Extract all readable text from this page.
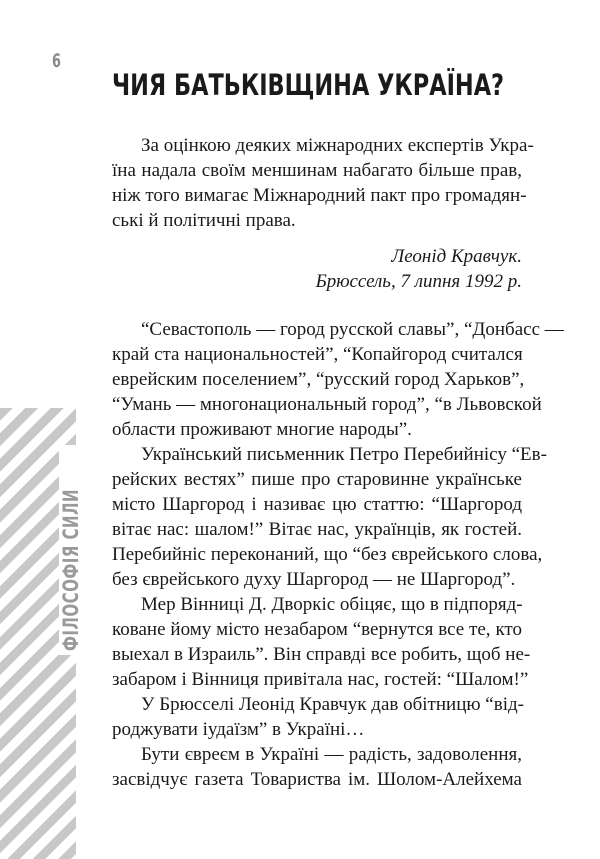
6
ФІЛОСОФІЯ СИЛИ
ЧИЯ БАТЬКІВЩИНА УКРАЇНА?
За оцінкою деяких міжнародних експертів Укра-
їна надала своїм меншинам набагато більше прав,
ніж того вимагає Міжнародний пакт про громадян-
ські й політичні права.
Леонід Кравчук.
Брюссель, 7 липня 1992 р.
“Севастополь — город русской славы”, “Донбасс —
край ста национальностей”, “Копайгород считался
еврейским поселением”, “русский город Харьков”,
“Умань — многонациональный город”, “в Львовской
области проживают многие народы”.
Український письменник Петро Перебийнісу “Ев-
рейских вестях” пише про старовинне українське
місто Шаргород і називає цю статтю: “Шаргород
вітає нас: шалом!” Вітає нас, українців, як гостей.
Перебийніс переконаний, що “без єврейського слова,
без єврейського духу Шаргород — не Шаргород”.
Мер Вінниці Д. Дворкіс обіцяє, що в підпоряд-
коване йому місто незабаром “вернутся все те, кто
выехал в Израиль”. Він справді все робить, щоб не-
забаром і Вінниця привітала нас, гостей: “Шалом!”
У Брюсселі Леонід Кравчук дав обітницю “від-
роджувати іудаїзм” в Україні…
Бути євреєм в Україні — радість, задоволення,
засвідчує газета Товариства ім. Шолом-Алейхема
